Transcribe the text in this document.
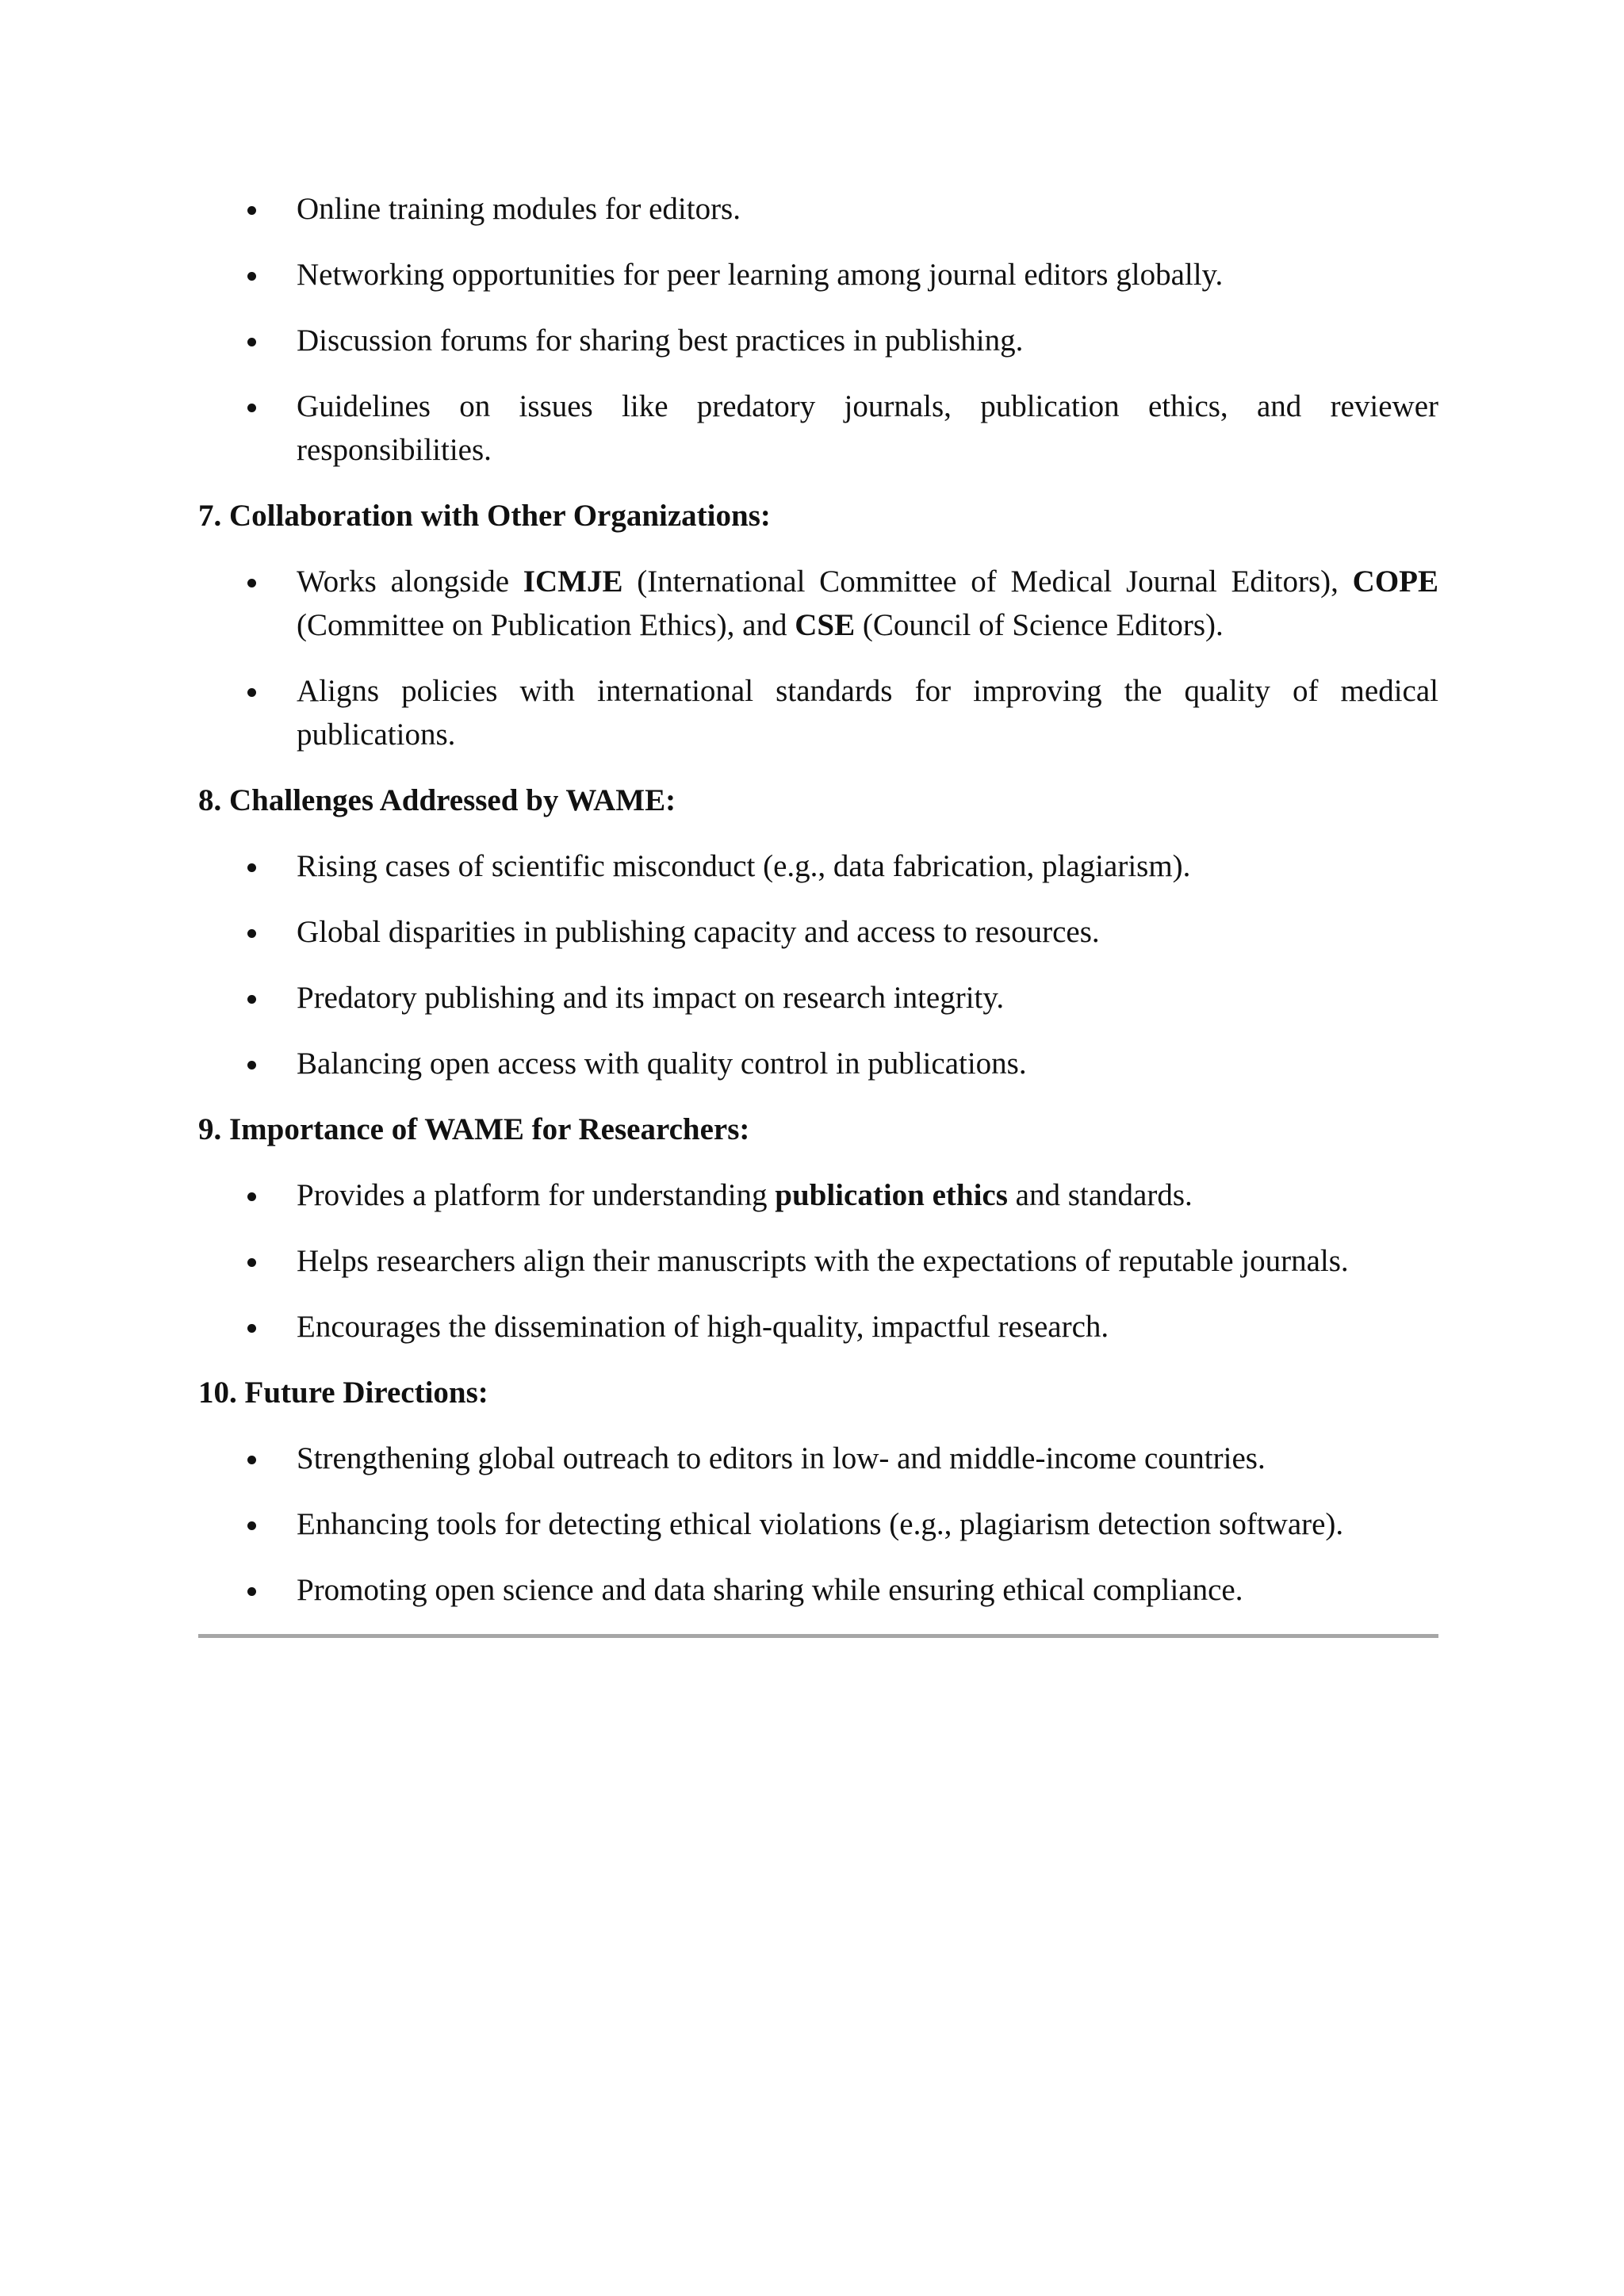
Online training modules for editors.
Networking opportunities for peer learning among journal editors globally.
Discussion forums for sharing best practices in publishing.
Guidelines on issues like predatory journals, publication ethics, and reviewer responsibilities.
7. Collaboration with Other Organizations:
Works alongside ICMJE (International Committee of Medical Journal Editors), COPE (Committee on Publication Ethics), and CSE (Council of Science Editors).
Aligns policies with international standards for improving the quality of medical publications.
8. Challenges Addressed by WAME:
Rising cases of scientific misconduct (e.g., data fabrication, plagiarism).
Global disparities in publishing capacity and access to resources.
Predatory publishing and its impact on research integrity.
Balancing open access with quality control in publications.
9. Importance of WAME for Researchers:
Provides a platform for understanding publication ethics and standards.
Helps researchers align their manuscripts with the expectations of reputable journals.
Encourages the dissemination of high-quality, impactful research.
10. Future Directions:
Strengthening global outreach to editors in low- and middle-income countries.
Enhancing tools for detecting ethical violations (e.g., plagiarism detection software).
Promoting open science and data sharing while ensuring ethical compliance.
